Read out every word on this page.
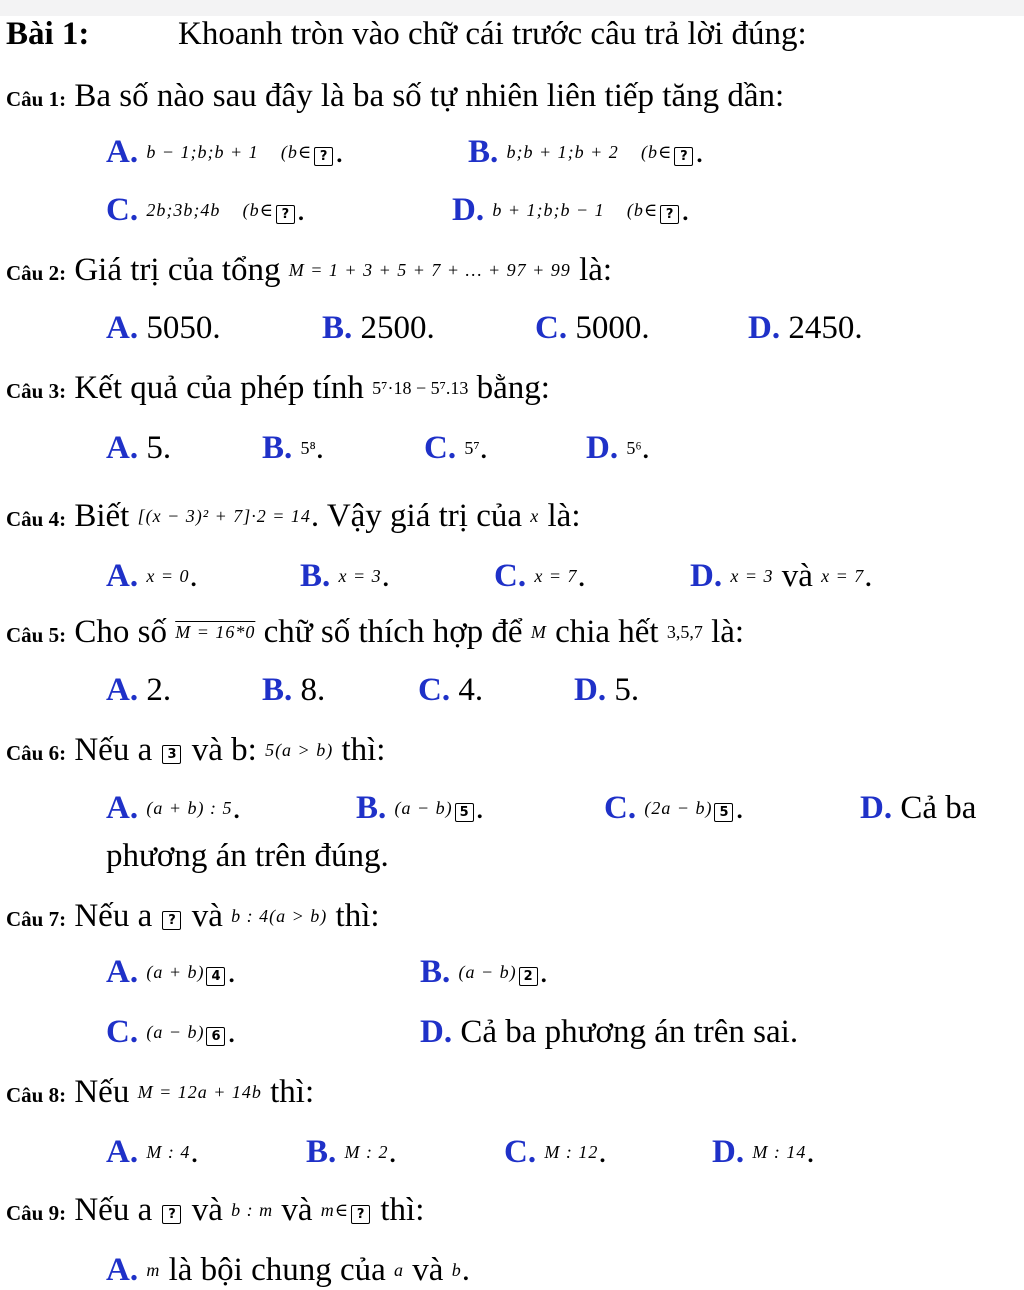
Bài 1:	Khoanh tròn vào chữ cái trước câu trả lời đúng:
Câu 1: Ba số nào sau đây là ba số tự nhiên liên tiếp tăng dần:
A. b − 1;b;b + 1 (b∈ ? .	B. b;b + 1;b + 2 (b∈ ? .
C. 2b;3b;4b (b∈ ? .	D. b + 1;b;b − 1 (b∈ ? .
Câu 2: Giá trị của tổng M = 1 + 3 + 5 + 7 + … + 97 + 99 là:
A. 5050.	B. 2500.	C. 5000.	D. 2450.
Câu 3: Kết quả của phép tính 5⁷·18 − 5⁷.13 bằng:
A. 5.	B. 5⁸.	C. 5⁷.	D. 5⁶.
Câu 4: Biết [(x − 3)² + 7]·2 = 14. Vậy giá trị của x là:
A. x = 0.	B. x = 3.	C. x = 7.	D. x = 3 và x = 7.
Câu 5: Cho số M = 16*0 chữ số thích hợp để M chia hết 3,5,7 là:
A. 2.	B. 8.	C. 4.	D. 5.
Câu 6: Nếu a 3 và b: 5(a > b) thì:
A. (a + b) : 5.	B. (a − b) 5 .	C. (2a − b) 5 .	D. Cả ba
phương án trên đúng.
Câu 7: Nếu a ? và b : 4(a > b) thì:
A. (a + b) 4 .	B. (a − b) 2 .
C. (a − b) 6 .	D. Cả ba phương án trên sai.
Câu 8: Nếu M = 12a + 14b thì:
A. M : 4.	B. M : 2.	C. M : 12.	D. M : 14.
Câu 9: Nếu a ? và b : m và m∈ ? thì:
A. m là bội chung của a và b.
